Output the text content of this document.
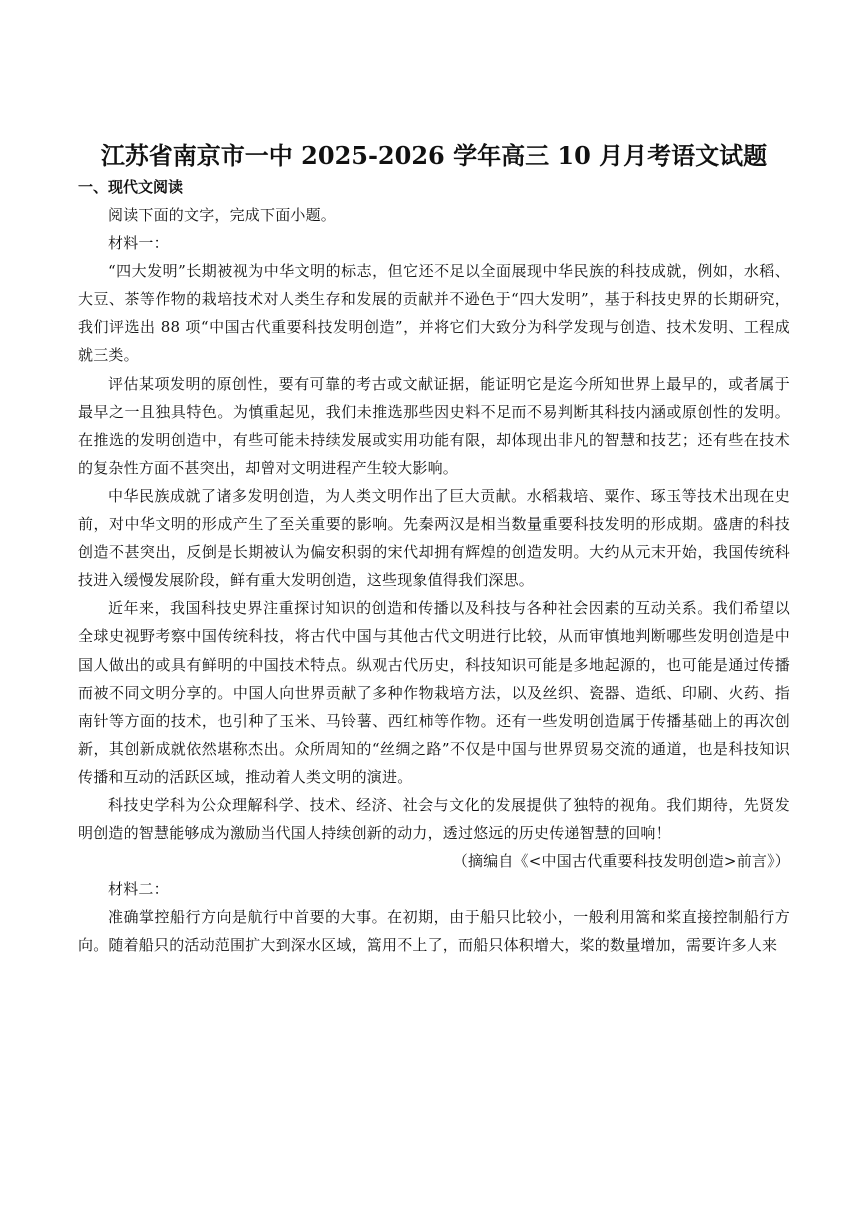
江苏省南京市一中 2025-2026 学年高三 10 月月考语文试题
一、现代文阅读

阅读下面的文字，完成下面小题。

材料一：

“四大发明”长期被视为中华文明的标志，但它还不足以全面展现中华民族的科技成就，例如，水稻、大豆、茶等作物的栽培技术对人类生存和发展的贡献并不逊色于“四大发明”，基于科技史界的长期研究，我们评选出 88 项“中国古代重要科技发明创造”，并将它们大致分为科学发现与创造、技术发明、工程成就三类。

评估某项发明的原创性，要有可靠的考古或文献证据，能证明它是迄今所知世界上最早的，或者属于最早之一且独具特色。为慎重起见，我们未推选那些因史料不足而不易判断其科技内涵或原创性的发明。在推选的发明创造中，有些可能未持续发展或实用功能有限，却体现出非凡的智慧和技艺；还有些在技术的复杂性方面不甚突出，却曾对文明进程产生较大影响。

中华民族成就了诸多发明创造，为人类文明作出了巨大贡献。水稻栽培、粟作、琢玉等技术出现在史前，对中华文明的形成产生了至关重要的影响。先秦两汉是相当数量重要科技发明的形成期。盛唐的科技创造不甚突出，反倒是长期被认为偏安积弱的宋代却拥有辉煌的创造发明。大约从元末开始，我国传统科技进入缓慢发展阶段，鲜有重大发明创造，这些现象值得我们深思。

近年来，我国科技史界注重探讨知识的创造和传播以及科技与各种社会因素的互动关系。我们希望以全球史视野考察中国传统科技，将古代中国与其他古代文明进行比较，从而审慎地判断哪些发明创造是中国人做出的或具有鲜明的中国技术特点。纵观古代历史，科技知识可能是多地起源的，也可能是通过传播而被不同文明分享的。中国人向世界贡献了多种作物栽培方法，以及丝织、瓷器、造纸、印刷、火药、指南针等方面的技术，也引种了玉米、马铃薯、西红柿等作物。还有一些发明创造属于传播基础上的再次创新，其创新成就依然堪称杰出。众所周知的“丝绸之路”不仅是中国与世界贸易交流的通道，也是科技知识传播和互动的活跃区域，推动着人类文明的演进。

科技史学科为公众理解科学、技术、经济、社会与文化的发展提供了独特的视角。我们期待，先贤发明创造的智慧能够成为激励当代国人持续创新的动力，透过悠远的历史传递智慧的回响！

（摘编自《<中国古代重要科技发明创造>前言》）

材料二：

准确掌控船行方向是航行中首要的大事。在初期，由于船只比较小，一般利用篙和桨直接控制船行方向。随着船只的活动范围扩大到深水区域，篙用不上了，而船只体积增大，桨的数量增加，需要许多人来
